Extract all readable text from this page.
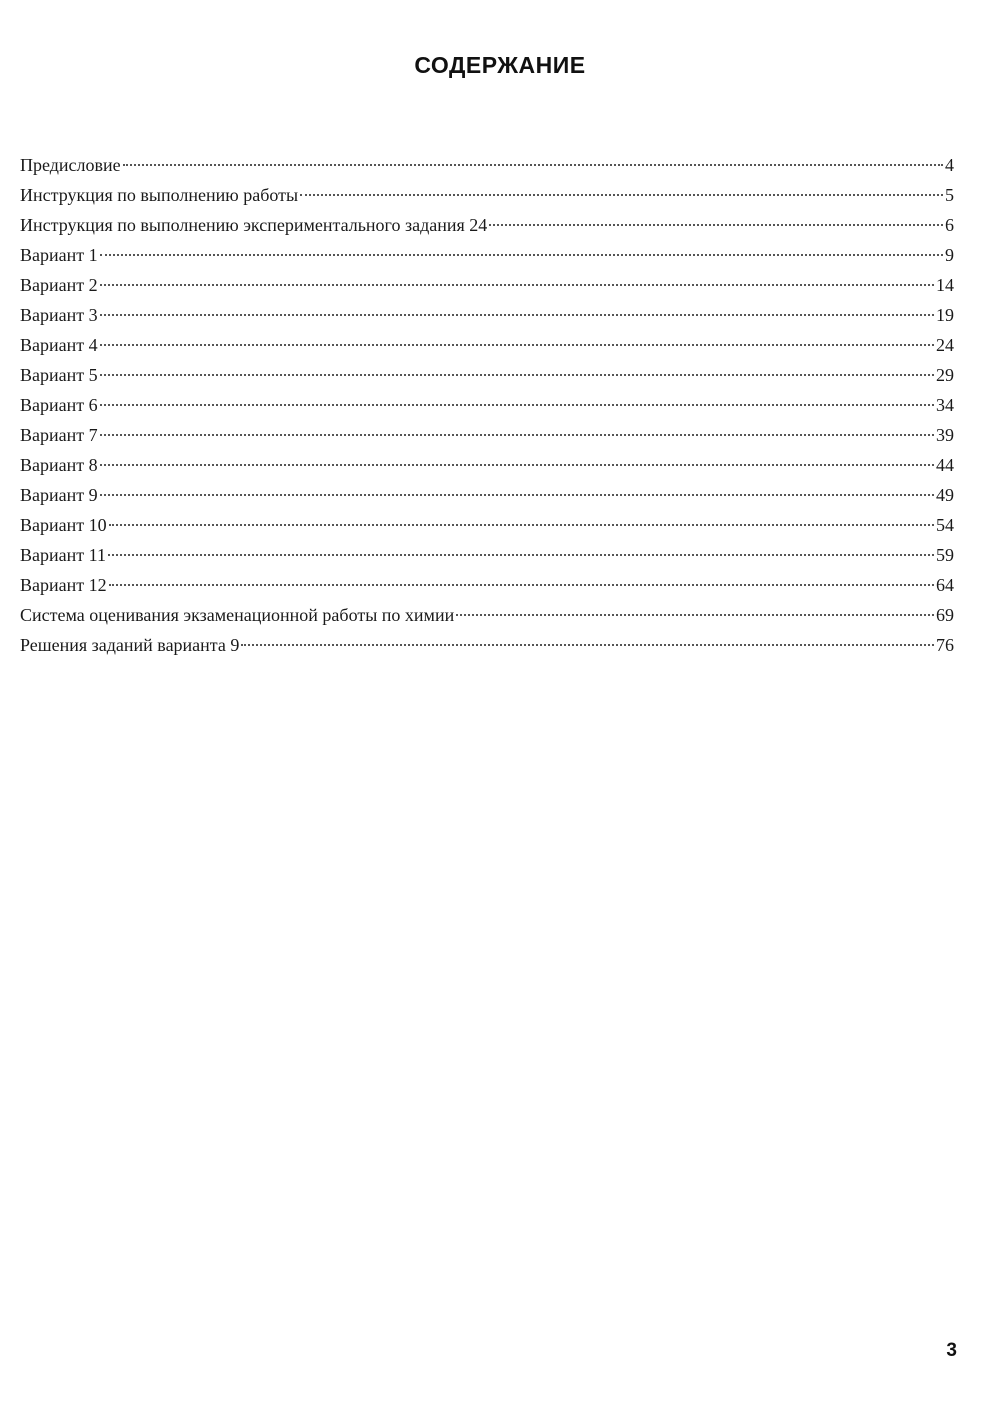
СОДЕРЖАНИЕ
Предисловие	4
Инструкция по выполнению работы	5
Инструкция по выполнению экспериментального задания 24	6
Вариант 1	9
Вариант 2	14
Вариант 3	19
Вариант 4	24
Вариант 5	29
Вариант 6	34
Вариант 7	39
Вариант 8	44
Вариант 9	49
Вариант 10	54
Вариант 11	59
Вариант 12	64
Система оценивания экзаменационной работы по химии	69
Решения заданий варианта 9	76
3
